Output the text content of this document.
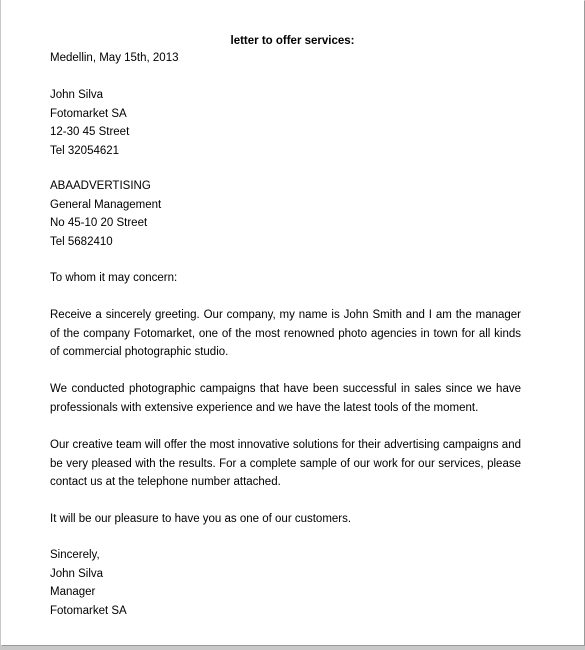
letter to offer services:
Medellin, May 15th, 2013
John Silva
Fotomarket SA
12-30 45 Street
Tel 32054621
ABAADVERTISING
General Management
No 45-10 20 Street
Tel 5682410
To whom it may concern:
Receive a sincerely greeting. Our company, my name is John Smith and I am the manager of the company Fotomarket, one of the most renowned photo agencies in town for all kinds of commercial photographic studio.
We conducted photographic campaigns that have been successful in sales since we have professionals with extensive experience and we have the latest tools of the moment.
Our creative team will offer the most innovative solutions for their advertising campaigns and be very pleased with the results. For a complete sample of our work for our services, please contact us at the telephone number attached.
It will be our pleasure to have you as one of our customers.
Sincerely,
John Silva
Manager
Fotomarket SA
